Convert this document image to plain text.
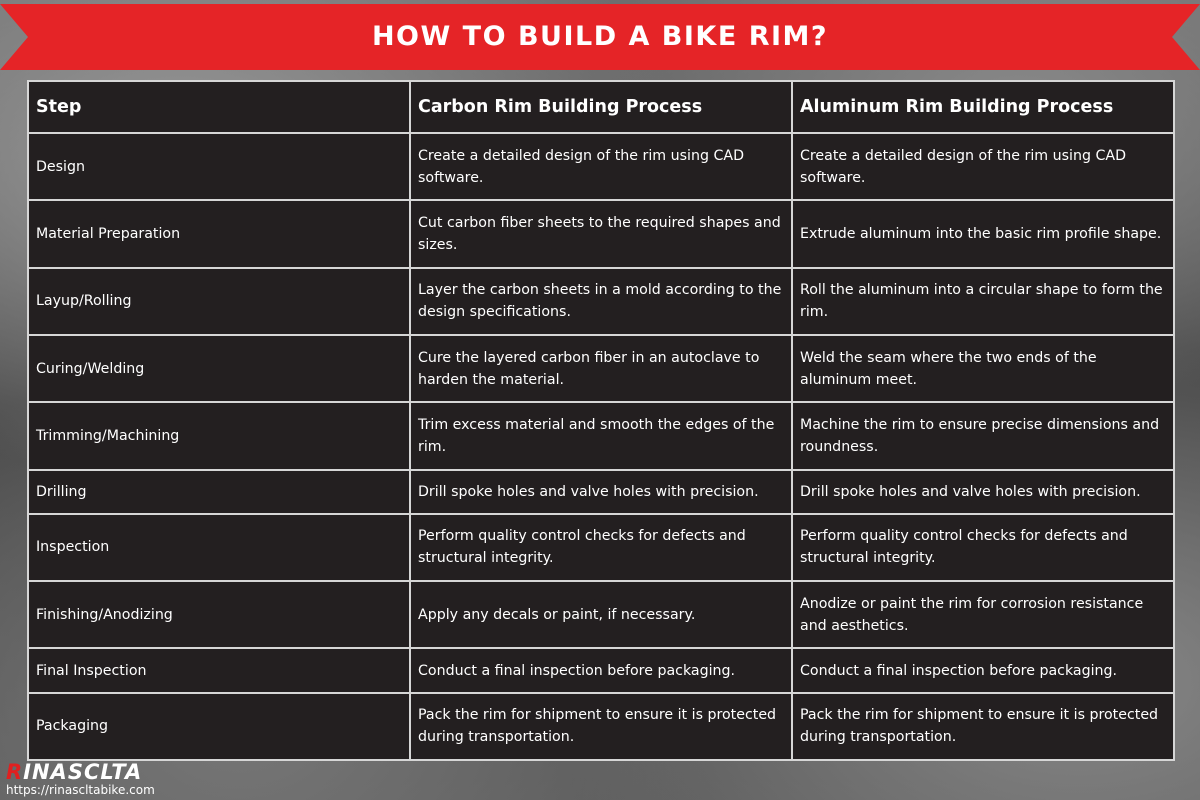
HOW TO BUILD A BIKE RIM?
Step	Carbon Rim Building Process	Aluminum Rim Building Process
Design	Create a detailed design of the rim using CAD software.	Create a detailed design of the rim using CAD software.
Material Preparation	Cut carbon fiber sheets to the required shapes and sizes.	Extrude aluminum into the basic rim profile shape.
Layup/Rolling	Layer the carbon sheets in a mold according to the design specifications.	Roll the aluminum into a circular shape to form the rim.
Curing/Welding	Cure the layered carbon fiber in an autoclave to harden the material.	Weld the seam where the two ends of the aluminum meet.
Trimming/Machining	Trim excess material and smooth the edges of the rim.	Machine the rim to ensure precise dimensions and roundness.
Drilling	Drill spoke holes and valve holes with precision.	Drill spoke holes and valve holes with precision.
Inspection	Perform quality control checks for defects and structural integrity.	Perform quality control checks for defects and structural integrity.
Finishing/Anodizing	Apply any decals or paint, if necessary.	Anodize or paint the rim for corrosion resistance and aesthetics.
Final Inspection	Conduct a final inspection before packaging.	Conduct a final inspection before packaging.
Packaging	Pack the rim for shipment to ensure it is protected during transportation.	Pack the rim for shipment to ensure it is protected during transportation.
RINASCLTA
https://rinascltabike.com
